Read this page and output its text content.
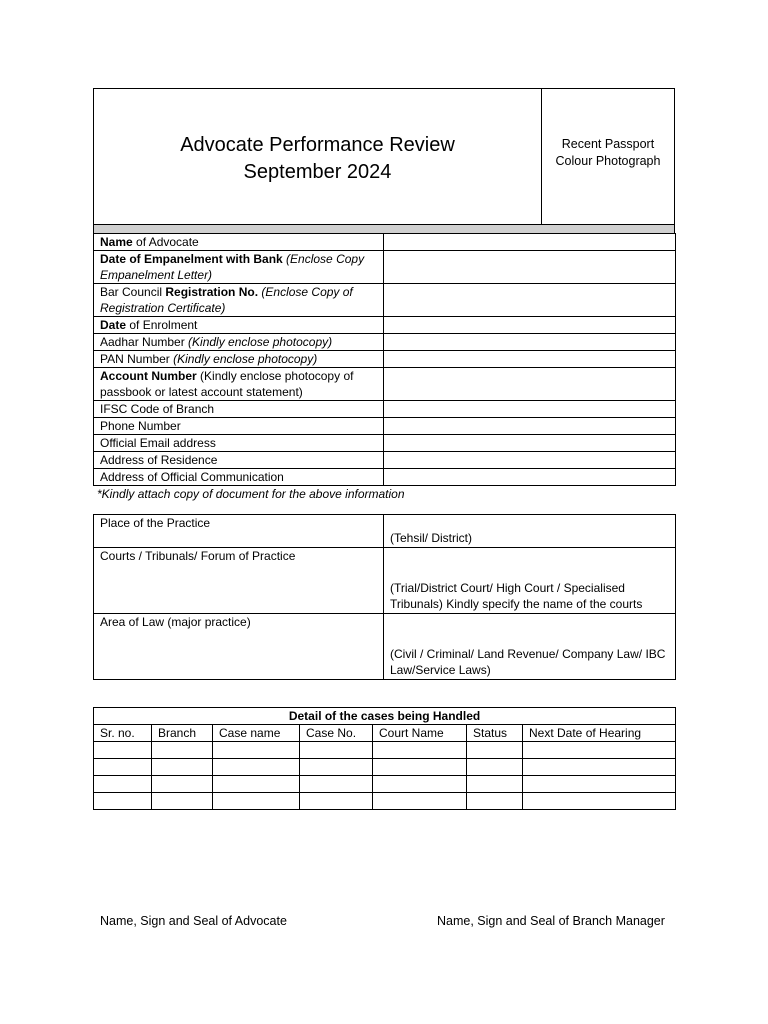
Advocate Performance Review
September 2024
Recent Passport
Colour Photograph
Name of Advocate	
Date of Empanelment with Bank (Enclose Copy Empanelment Letter)	
Bar Council Registration No. (Enclose Copy of Registration Certificate)	
Date of Enrolment	
Aadhar Number (Kindly enclose photocopy)	
PAN Number (Kindly enclose photocopy)	
Account Number (Kindly enclose photocopy of passbook or latest account statement)	
IFSC Code of Branch	
Phone Number	
Official Email address	
Address of Residence	
Address of Official Communication	
*Kindly attach copy of document for the above information
Place of the Practice	(Tehsil/ District)
Courts / Tribunals/ Forum of Practice	(Trial/District Court/ High Court / Specialised Tribunals) Kindly specify the name of the courts
Area of Law (major practice)	(Civil / Criminal/ Land Revenue/ Company Law/ IBC Law/Service Laws)
Detail of the cases being Handled						
Sr. no.	Branch	Case name	Case No.	Court Name	Status	Next Date of Hearing

Name, Sign and Seal of Advocate	Name, Sign and Seal of Branch Manager
